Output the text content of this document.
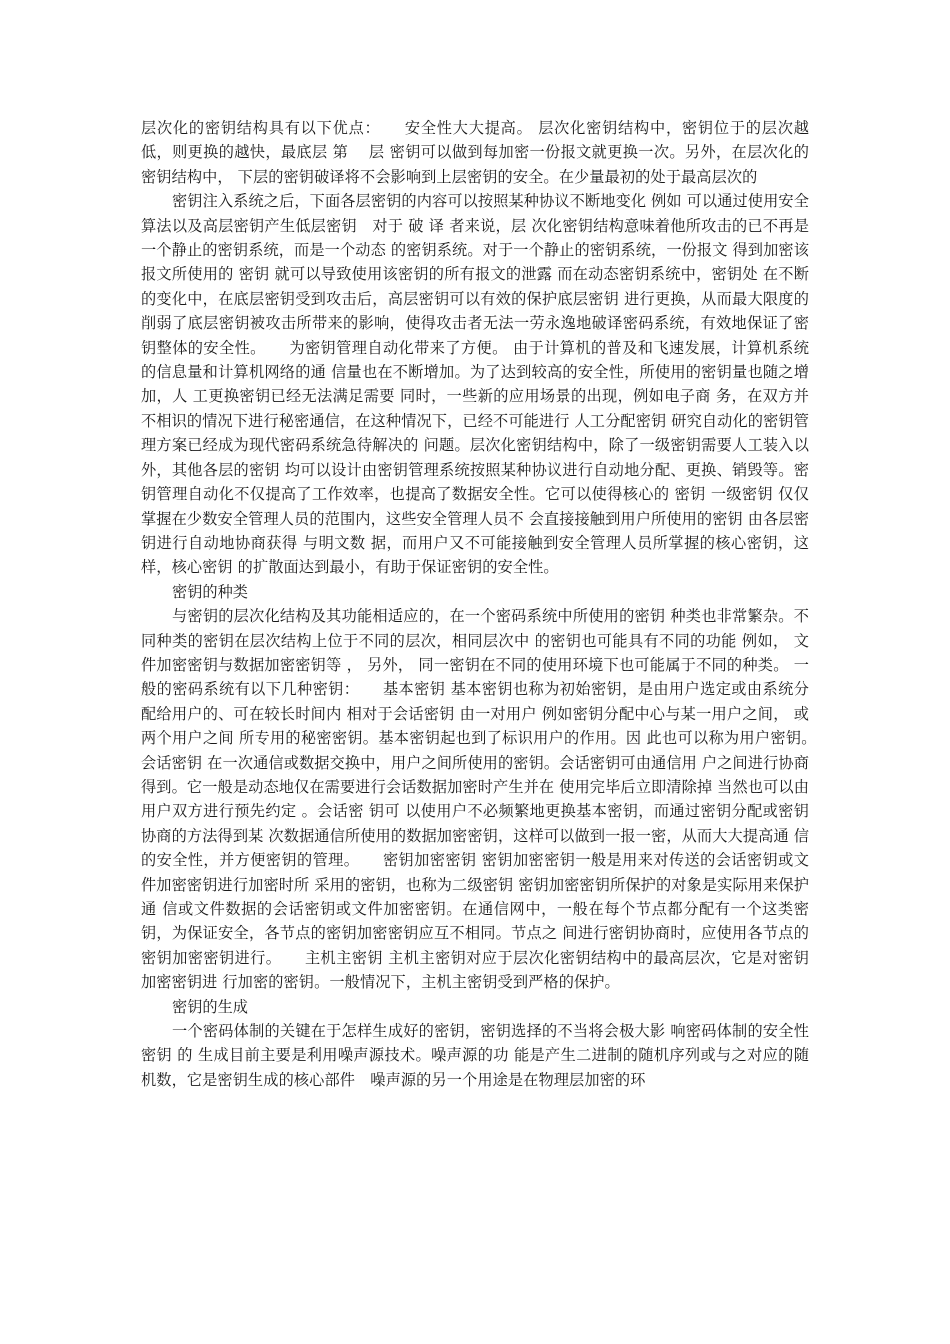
层次化的密钥结构具有以下优点：　　安全性大大提高。 层次化密钥结构中，密钥位于的层次越低，则更换的越快，最底层 第　 层 密钥可以做到每加密一份报文就更换一次。另外，在层次化的密钥结构中， 下层的密钥破译将不会影响到上层密钥的安全。在少量最初的处于最高层次的

密钥注入系统之后，下面各层密钥的内容可以按照某种协议不断地变化 例如 可以通过使用安全算法以及高层密钥产生低层密钥　对于 破 译 者来说，层 次化密钥结构意味着他所攻击的已不再是一个静止的密钥系统，而是一个动态 的密钥系统。对于一个静止的密钥系统，一份报文 得到加密该报文所使用的 密钥 就可以导致使用该密钥的所有报文的泄露 而在动态密钥系统中，密钥处 在不断的变化中，在底层密钥受到攻击后，高层密钥可以有效的保护底层密钥 进行更换，从而最大限度的削弱了底层密钥被攻击所带来的影响，使得攻击者无法一劳永逸地破译密码系统，有效地保证了密钥整体的安全性。　　为密钥管理自动化带来了方便。 由于计算机的普及和飞速发展，计算机系统的信息量和计算机网络的通 信量也在不断增加。为了达到较高的安全性，所使用的密钥量也随之增加，人 工更换密钥已经无法满足需要 同时，一些新的应用场景的出现，例如电子商 务，在双方并不相识的情况下进行秘密通信，在这种情况下，已经不可能进行 人工分配密钥 研究自动化的密钥管理方案已经成为现代密码系统急待解决的 问题。层次化密钥结构中，除了一级密钥需要人工装入以外，其他各层的密钥 均可以设计由密钥管理系统按照某种协议进行自动地分配、更换、销毁等。密 钥管理自动化不仅提高了工作效率，也提高了数据安全性。它可以使得核心的 密钥 一级密钥 仅仅掌握在少数安全管理人员的范围内，这些安全管理人员不 会直接接触到用户所使用的密钥 由各层密钥进行自动地协商获得 与明文数 据，而用户又不可能接触到安全管理人员所掌握的核心密钥，这样，核心密钥 的扩散面达到最小，有助于保证密钥的安全性。

密钥的种类

与密钥的层次化结构及其功能相适应的，在一个密码系统中所使用的密钥 种类也非常繁杂。不同种类的密钥在层次结构上位于不同的层次，相同层次中 的密钥也可能具有不同的功能 例如， 文件加密密钥与数据加密密钥等 ， 另外， 同一密钥在不同的使用环境下也可能属于不同的种类。 一般的密码系统有以下几种密钥：　　基本密钥 基本密钥也称为初始密钥，是由用户选定或由系统分配给用户的、可在较长时间内 相对于会话密钥 由一对用户 例如密钥分配中心与某一用户之间， 或两个用户之间 所专用的秘密密钥。基本密钥起也到了标识用户的作用。因 此也可以称为用户密钥。　　会话密钥 在一次通信或数据交换中，用户之间所使用的密钥。会话密钥可由通信用 户之间进行协商得到。它一般是动态地仅在需要进行会话数据加密时产生并在 使用完毕后立即清除掉 当然也可以由用户双方进行预先约定 。会话密 钥可 以使用户不必频繁地更换基本密钥，而通过密钥分配或密钥协商的方法得到某 次数据通信所使用的数据加密密钥，这样可以做到一报一密，从而大大提高通 信的安全性，并方便密钥的管理。　　密钥加密密钥 密钥加密密钥一般是用来对传送的会话密钥或文件加密密钥进行加密时所 采用的密钥，也称为二级密钥 密钥加密密钥所保护的对象是实际用来保护通 信或文件数据的会话密钥或文件加密密钥。在通信网中，一般在每个节点都分配有一个这类密钥，为保证安全，各节点的密钥加密密钥应互不相同。节点之 间进行密钥协商时，应使用各节点的密钥加密密钥进行。　　主机主密钥 主机主密钥对应于层次化密钥结构中的最高层次，它是对密钥加密密钥进 行加密的密钥。一般情况下，主机主密钥受到严格的保护。

密钥的生成

一个密码体制的关键在于怎样生成好的密钥，密钥选择的不当将会极大影 响密码体制的安全性 密钥 的 生成目前主要是利用噪声源技术。噪声源的功 能是产生二进制的随机序列或与之对应的随机数，它是密钥生成的核心部件　噪声源的另一个用途是在物理层加密的环
